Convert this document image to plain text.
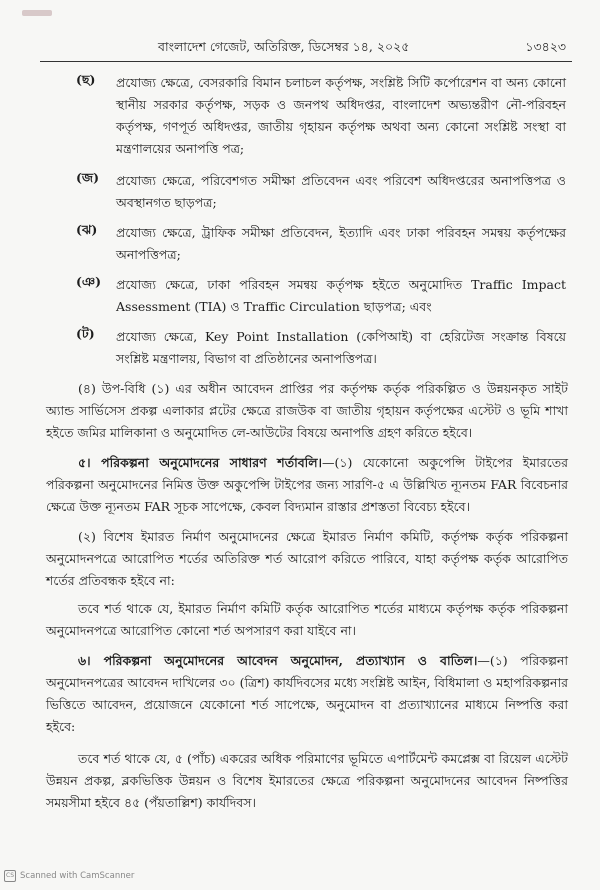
বাংলাদেশ গেজেট, অতিরিক্ত, ডিসেম্বর ১৪, ২০২৫	১৩৪২৩
(ছ) প্রযোজ্য ক্ষেত্রে, বেসরকারি বিমান চলাচল কর্তৃপক্ষ, সংশ্লিষ্ট সিটি কর্পোরেশন বা অন্য কোনো স্থানীয় সরকার কর্তৃপক্ষ, সড়ক ও জনপথ অধিদপ্তর, বাংলাদেশ অভ্যন্তরীণ নৌ-পরিবহন কর্তৃপক্ষ, গণপূর্ত অধিদপ্তর, জাতীয় গৃহায়ন কর্তৃপক্ষ অথবা অন্য কোনো সংশ্লিষ্ট সংস্থা বা মন্ত্রণালয়ের অনাপত্তি পত্র;
(জ) প্রযোজ্য ক্ষেত্রে, পরিবেশগত সমীক্ষা প্রতিবেদন এবং পরিবেশ অধিদপ্তরের অনাপত্তিপত্র ও অবস্থানগত ছাড়পত্র;
(ঝ) প্রযোজ্য ক্ষেত্রে, ট্রাফিক সমীক্ষা প্রতিবেদন, ইত্যাদি এবং ঢাকা পরিবহন সমন্বয় কর্তৃপক্ষের অনাপত্তিপত্র;
(ঞ) প্রযোজ্য ক্ষেত্রে, ঢাকা পরিবহন সমন্বয় কর্তৃপক্ষ হইতে অনুমোদিত Traffic Impact Assessment (TIA) ও Traffic Circulation ছাড়পত্র; এবং
(ট) প্রযোজ্য ক্ষেত্রে, Key Point Installation (কেপিআই) বা হেরিটেজ সংক্রান্ত বিষয়ে সংশ্লিষ্ট মন্ত্রণালয়, বিভাগ বা প্রতিষ্ঠানের অনাপত্তিপত্র।
(৪) উপ-বিধি (১) এর অধীন আবেদন প্রাপ্তির পর কর্তৃপক্ষ কর্তৃক পরিকল্পিত ও উন্নয়নকৃত সাইট অ্যান্ড সার্ভিসেস প্রকল্প এলাকার প্লটের ক্ষেত্রে রাজউক বা জাতীয় গৃহায়ন কর্তৃপক্ষের এস্টেট ও ভূমি শাখা হইতে জমির মালিকানা ও অনুমোদিত লে-আউটের বিষয়ে অনাপত্তি গ্রহণ করিতে হইবে।
৫। পরিকল্পনা অনুমোদনের সাধারণ শর্তাবলি।—(১) যেকোনো অকুপেন্সি টাইপের ইমারতের পরিকল্পনা অনুমোদনের নিমিত্ত উক্ত অকুপেন্সি টাইপের জন্য সারণি-৫ এ উল্লিখিত ন্যূনতম FAR বিবেচনার ক্ষেত্রে উক্ত ন্যূনতম FAR সূচক সাপেক্ষে, কেবল বিদ্যমান রাস্তার প্রশস্ততা বিবেচ্য হইবে।
(২) বিশেষ ইমারত নির্মাণ অনুমোদনের ক্ষেত্রে ইমারত নির্মাণ কমিটি, কর্তৃপক্ষ কর্তৃক পরিকল্পনা অনুমোদনপত্রে আরোপিত শর্তের অতিরিক্ত শর্ত আরোপ করিতে পারিবে, যাহা কর্তৃপক্ষ কর্তৃক আরোপিত শর্তের প্রতিবন্ধক হইবে না:
তবে শর্ত থাকে যে, ইমারত নির্মাণ কমিটি কর্তৃক আরোপিত শর্তের মাধ্যমে কর্তৃপক্ষ কর্তৃক পরিকল্পনা অনুমোদনপত্রে আরোপিত কোনো শর্ত অপসারণ করা যাইবে না।
৬। পরিকল্পনা অনুমোদনের আবেদন অনুমোদন, প্রত্যাখ্যান ও বাতিল।—(১) পরিকল্পনা অনুমোদনপত্রের আবেদন দাখিলের ৩০ (ত্রিশ) কার্যদিবসের মধ্যে সংশ্লিষ্ট আইন, বিধিমালা ও মহাপরিকল্পনার ভিত্তিতে আবেদন, প্রয়োজনে যেকোনো শর্ত সাপেক্ষে, অনুমোদন বা প্রত্যাখ্যানের মাধ্যমে নিষ্পত্তি করা হইবে:
তবে শর্ত থাকে যে, ৫ (পাঁচ) একরের অধিক পরিমাণের ভূমিতে এপার্টমেন্ট কমপ্লেক্স বা রিয়েল এস্টেট উন্নয়ন প্রকল্প, ব্লকভিত্তিক উন্নয়ন ও বিশেষ ইমারতের ক্ষেত্রে পরিকল্পনা অনুমোদনের আবেদন নিষ্পত্তির সময়সীমা হইবে ৪৫ (পঁয়তাল্লিশ) কার্যদিবস।
CS Scanned with CamScanner
